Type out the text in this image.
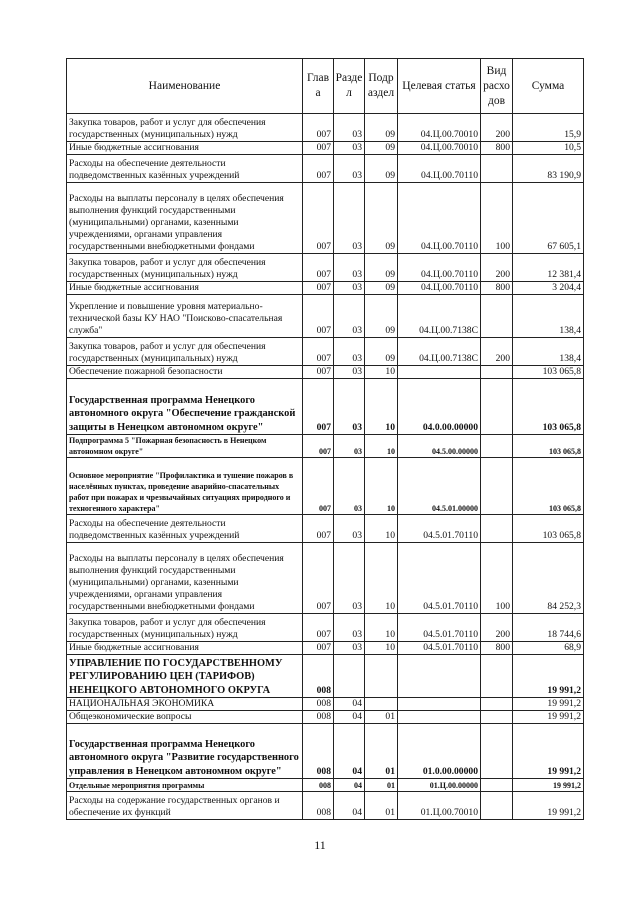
Наименование	Глав а	Разде л	Подр аздел	Целевая статья	Вид расхо дов	Сумма
Закупка товаров, работ и услуг для обеспечения государственных (муниципальных) нужд	007	03	09	04.Ц.00.70010	200	15,9
Иные бюджетные ассигнования	007	03	09	04.Ц.00.70010	800	10,5
Расходы на обеспечение деятельности подведомственных казённых учреждений	007	03	09	04.Ц.00.70110		83 190,9
Расходы на выплаты персоналу в целях обеспечения выполнения функций государственными (муниципальными) органами, казенными учреждениями, органами управления государственными внебюджетными фондами	007	03	09	04.Ц.00.70110	100	67 605,1
Закупка товаров, работ и услуг для обеспечения государственных (муниципальных) нужд	007	03	09	04.Ц.00.70110	200	12 381,4
Иные бюджетные ассигнования	007	03	09	04.Ц.00.70110	800	3 204,4
Укрепление и повышение уровня материально-технической базы КУ НАО "Поисково-спасательная служба"	007	03	09	04.Ц.00.7138С		138,4
Закупка товаров, работ и услуг для обеспечения государственных (муниципальных) нужд	007	03	09	04.Ц.00.7138С	200	138,4
Обеспечение пожарной безопасности	007	03	10			103 065,8
Государственная программа Ненецкого автономного округа "Обеспечение гражданской защиты в Ненецком автономном округе"	007	03	10	04.0.00.00000		103 065,8
Подпрограмма 5 "Пожарная безопасность в Ненецком автономном округе"	007	03	10	04.5.00.00000		103 065,8
Основное мероприятие "Профилактика и тушение пожаров в населённых пунктах, проведение аварийно-спасательных работ при пожарах и чрезвычайных ситуациях природного и техногенного характера"	007	03	10	04.5.01.00000		103 065,8
Расходы на обеспечение деятельности подведомственных казённых учреждений	007	03	10	04.5.01.70110		103 065,8
Расходы на выплаты персоналу в целях обеспечения выполнения функций государственными (муниципальными) органами, казенными учреждениями, органами управления государственными внебюджетными фондами	007	03	10	04.5.01.70110	100	84 252,3
Закупка товаров, работ и услуг для обеспечения государственных (муниципальных) нужд	007	03	10	04.5.01.70110	200	18 744,6
Иные бюджетные ассигнования	007	03	10	04.5.01.70110	800	68,9
УПРАВЛЕНИЕ ПО ГОСУДАРСТВЕННОМУ РЕГУЛИРОВАНИЮ ЦЕН (ТАРИФОВ) НЕНЕЦКОГО АВТОНОМНОГО ОКРУГА	008					19 991,2
НАЦИОНАЛЬНАЯ ЭКОНОМИКА	008	04				19 991,2
Общеэкономические вопросы	008	04	01			19 991,2
Государственная программа Ненецкого автономного округа "Развитие государственного управления в Ненецком автономном округе"	008	04	01	01.0.00.00000		19 991,2
Отдельные мероприятия программы	008	04	01	01.Ц.00.00000		19 991,2
Расходы на содержание государственных органов и обеспечение их функций	008	04	01	01.Ц.00.70010		19 991,2
11
